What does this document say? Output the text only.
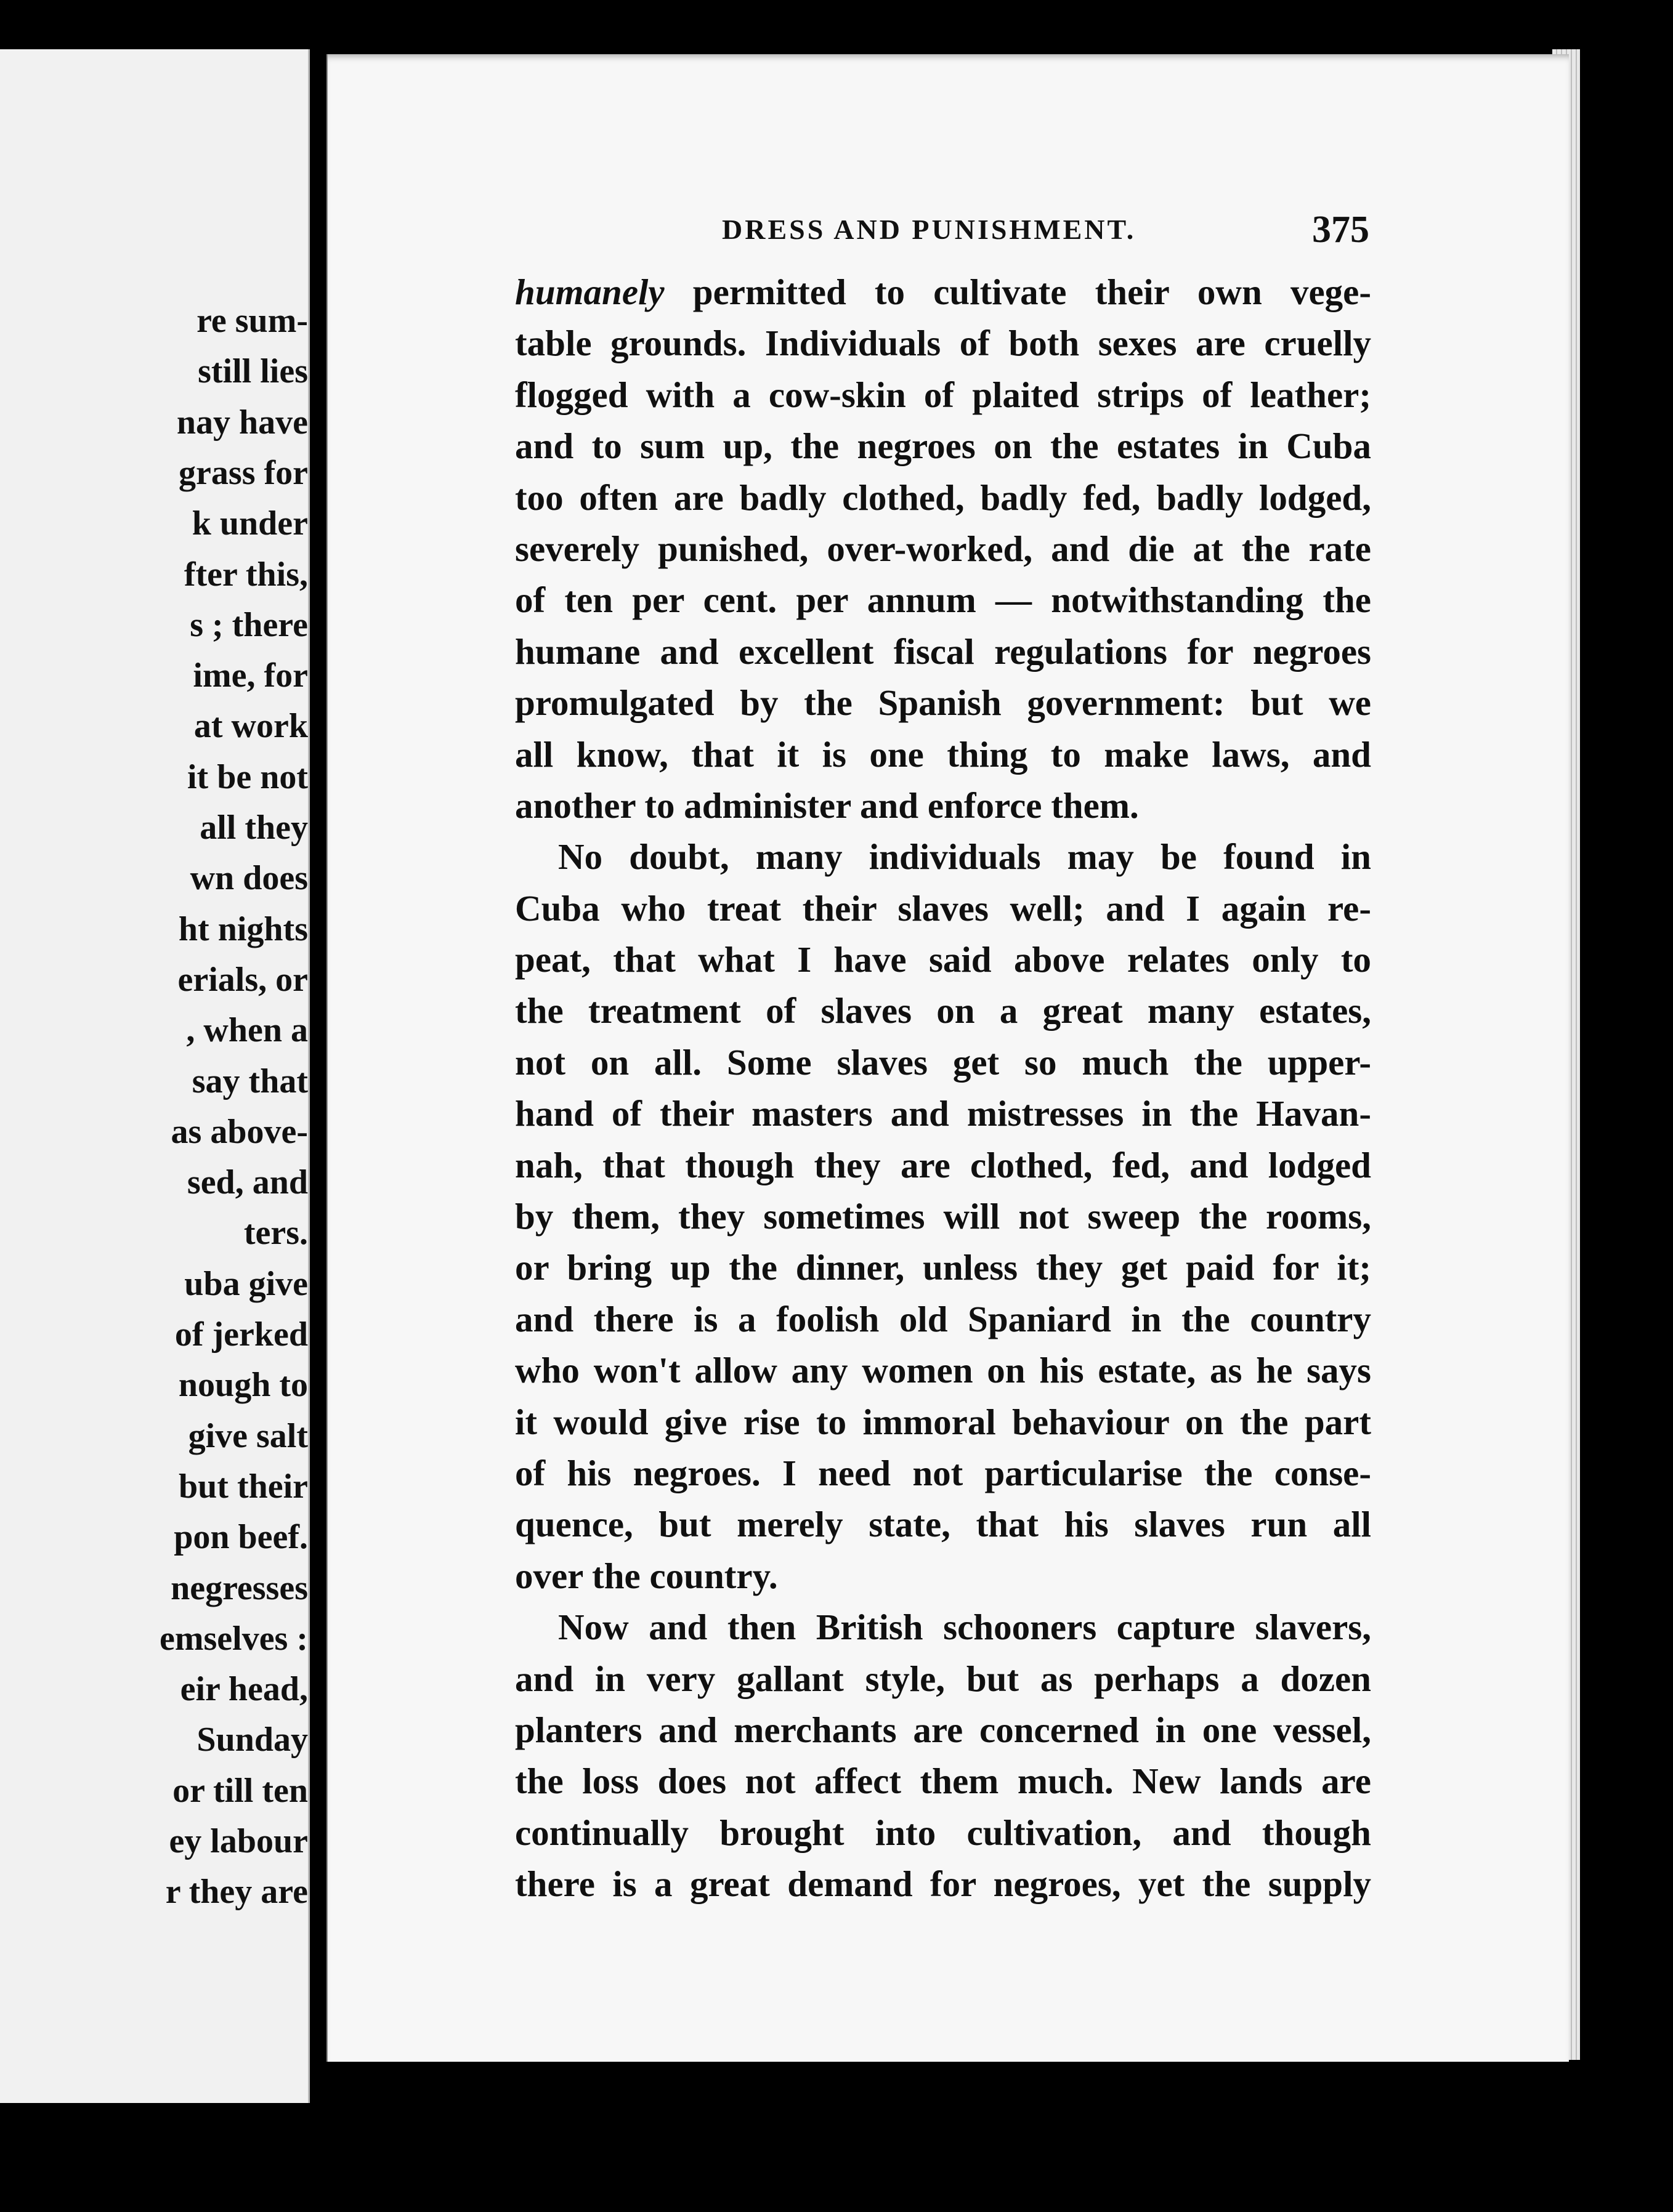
re sum-
still lies
nay have
grass for
k under
fter this,
s ; there
ime, for
at work
it be not
all they
wn does
ht nights
erials, or
, when a
say that
as above-
sed, and
ters.
uba give
of jerked
nough to
give salt
but their
pon beef.
negresses
emselves :
eir head,
Sunday
or till ten
ey labour
r they are
DRESS AND PUNISHMENT.	375
humanely permitted to cultivate their own vege-
table grounds. Individuals of both sexes are cruelly
flogged with a cow-skin of plaited strips of leather;
and to sum up, the negroes on the estates in Cuba
too often are badly clothed, badly fed, badly lodged,
severely punished, over-worked, and die at the rate
of ten per cent. per annum — notwithstanding the
humane and excellent fiscal regulations for negroes
promulgated by the Spanish government: but we
all know, that it is one thing to make laws, and
another to administer and enforce them.
No doubt, many individuals may be found in
Cuba who treat their slaves well; and I again re-
peat, that what I have said above relates only to
the treatment of slaves on a great many estates,
not on all. Some slaves get so much the upper-
hand of their masters and mistresses in the Havan-
nah, that though they are clothed, fed, and lodged
by them, they sometimes will not sweep the rooms,
or bring up the dinner, unless they get paid for it;
and there is a foolish old Spaniard in the country
who won't allow any women on his estate, as he says
it would give rise to immoral behaviour on the part
of his negroes. I need not particularise the conse-
quence, but merely state, that his slaves run all
over the country.
Now and then British schooners capture slavers,
and in very gallant style, but as perhaps a dozen
planters and merchants are concerned in one vessel,
the loss does not affect them much. New lands are
continually brought into cultivation, and though
there is a great demand for negroes, yet the supply
